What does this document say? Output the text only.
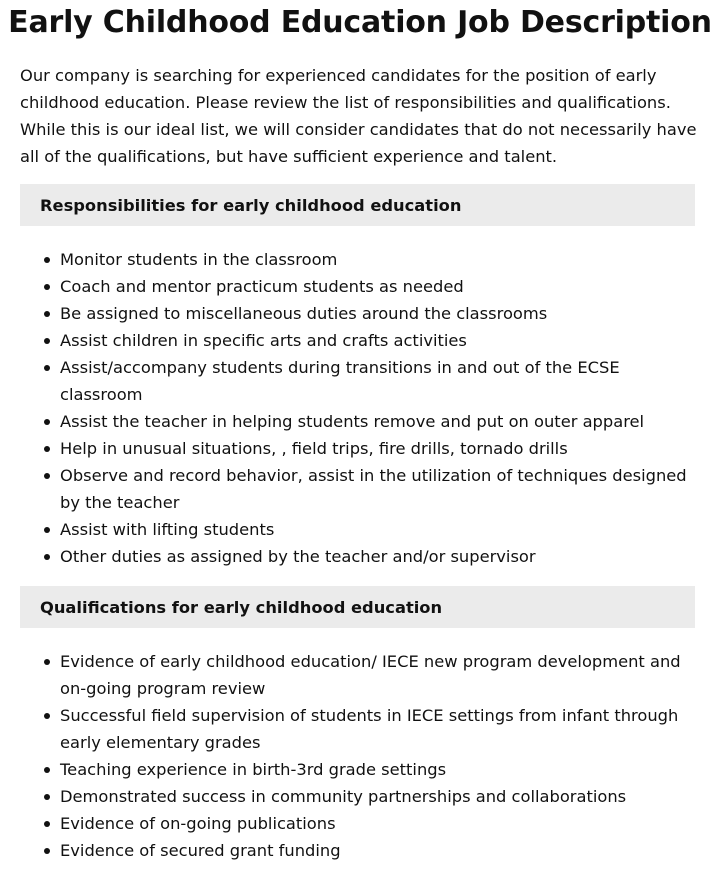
Early Childhood Education Job Description

Our company is searching for experienced candidates for the position of early childhood education. Please review the list of responsibilities and qualifications. While this is our ideal list, we will consider candidates that do not necessarily have all of the qualifications, but have sufficient experience and talent.

Responsibilities for early childhood education
Monitor students in the classroom
Coach and mentor practicum students as needed
Be assigned to miscellaneous duties around the classrooms
Assist children in specific arts and crafts activities
Assist/accompany students during transitions in and out of the ECSE classroom
Assist the teacher in helping students remove and put on outer apparel
Help in unusual situations, , field trips, fire drills, tornado drills
Observe and record behavior, assist in the utilization of techniques designed by the teacher
Assist with lifting students
Other duties as assigned by the teacher and/or supervisor
Qualifications for early childhood education
Evidence of early childhood education/ IECE new program development and on-going program review
Successful field supervision of students in IECE settings from infant through early elementary grades
Teaching experience in birth-3rd grade settings
Demonstrated success in community partnerships and collaborations
Evidence of on-going publications
Evidence of secured grant funding
